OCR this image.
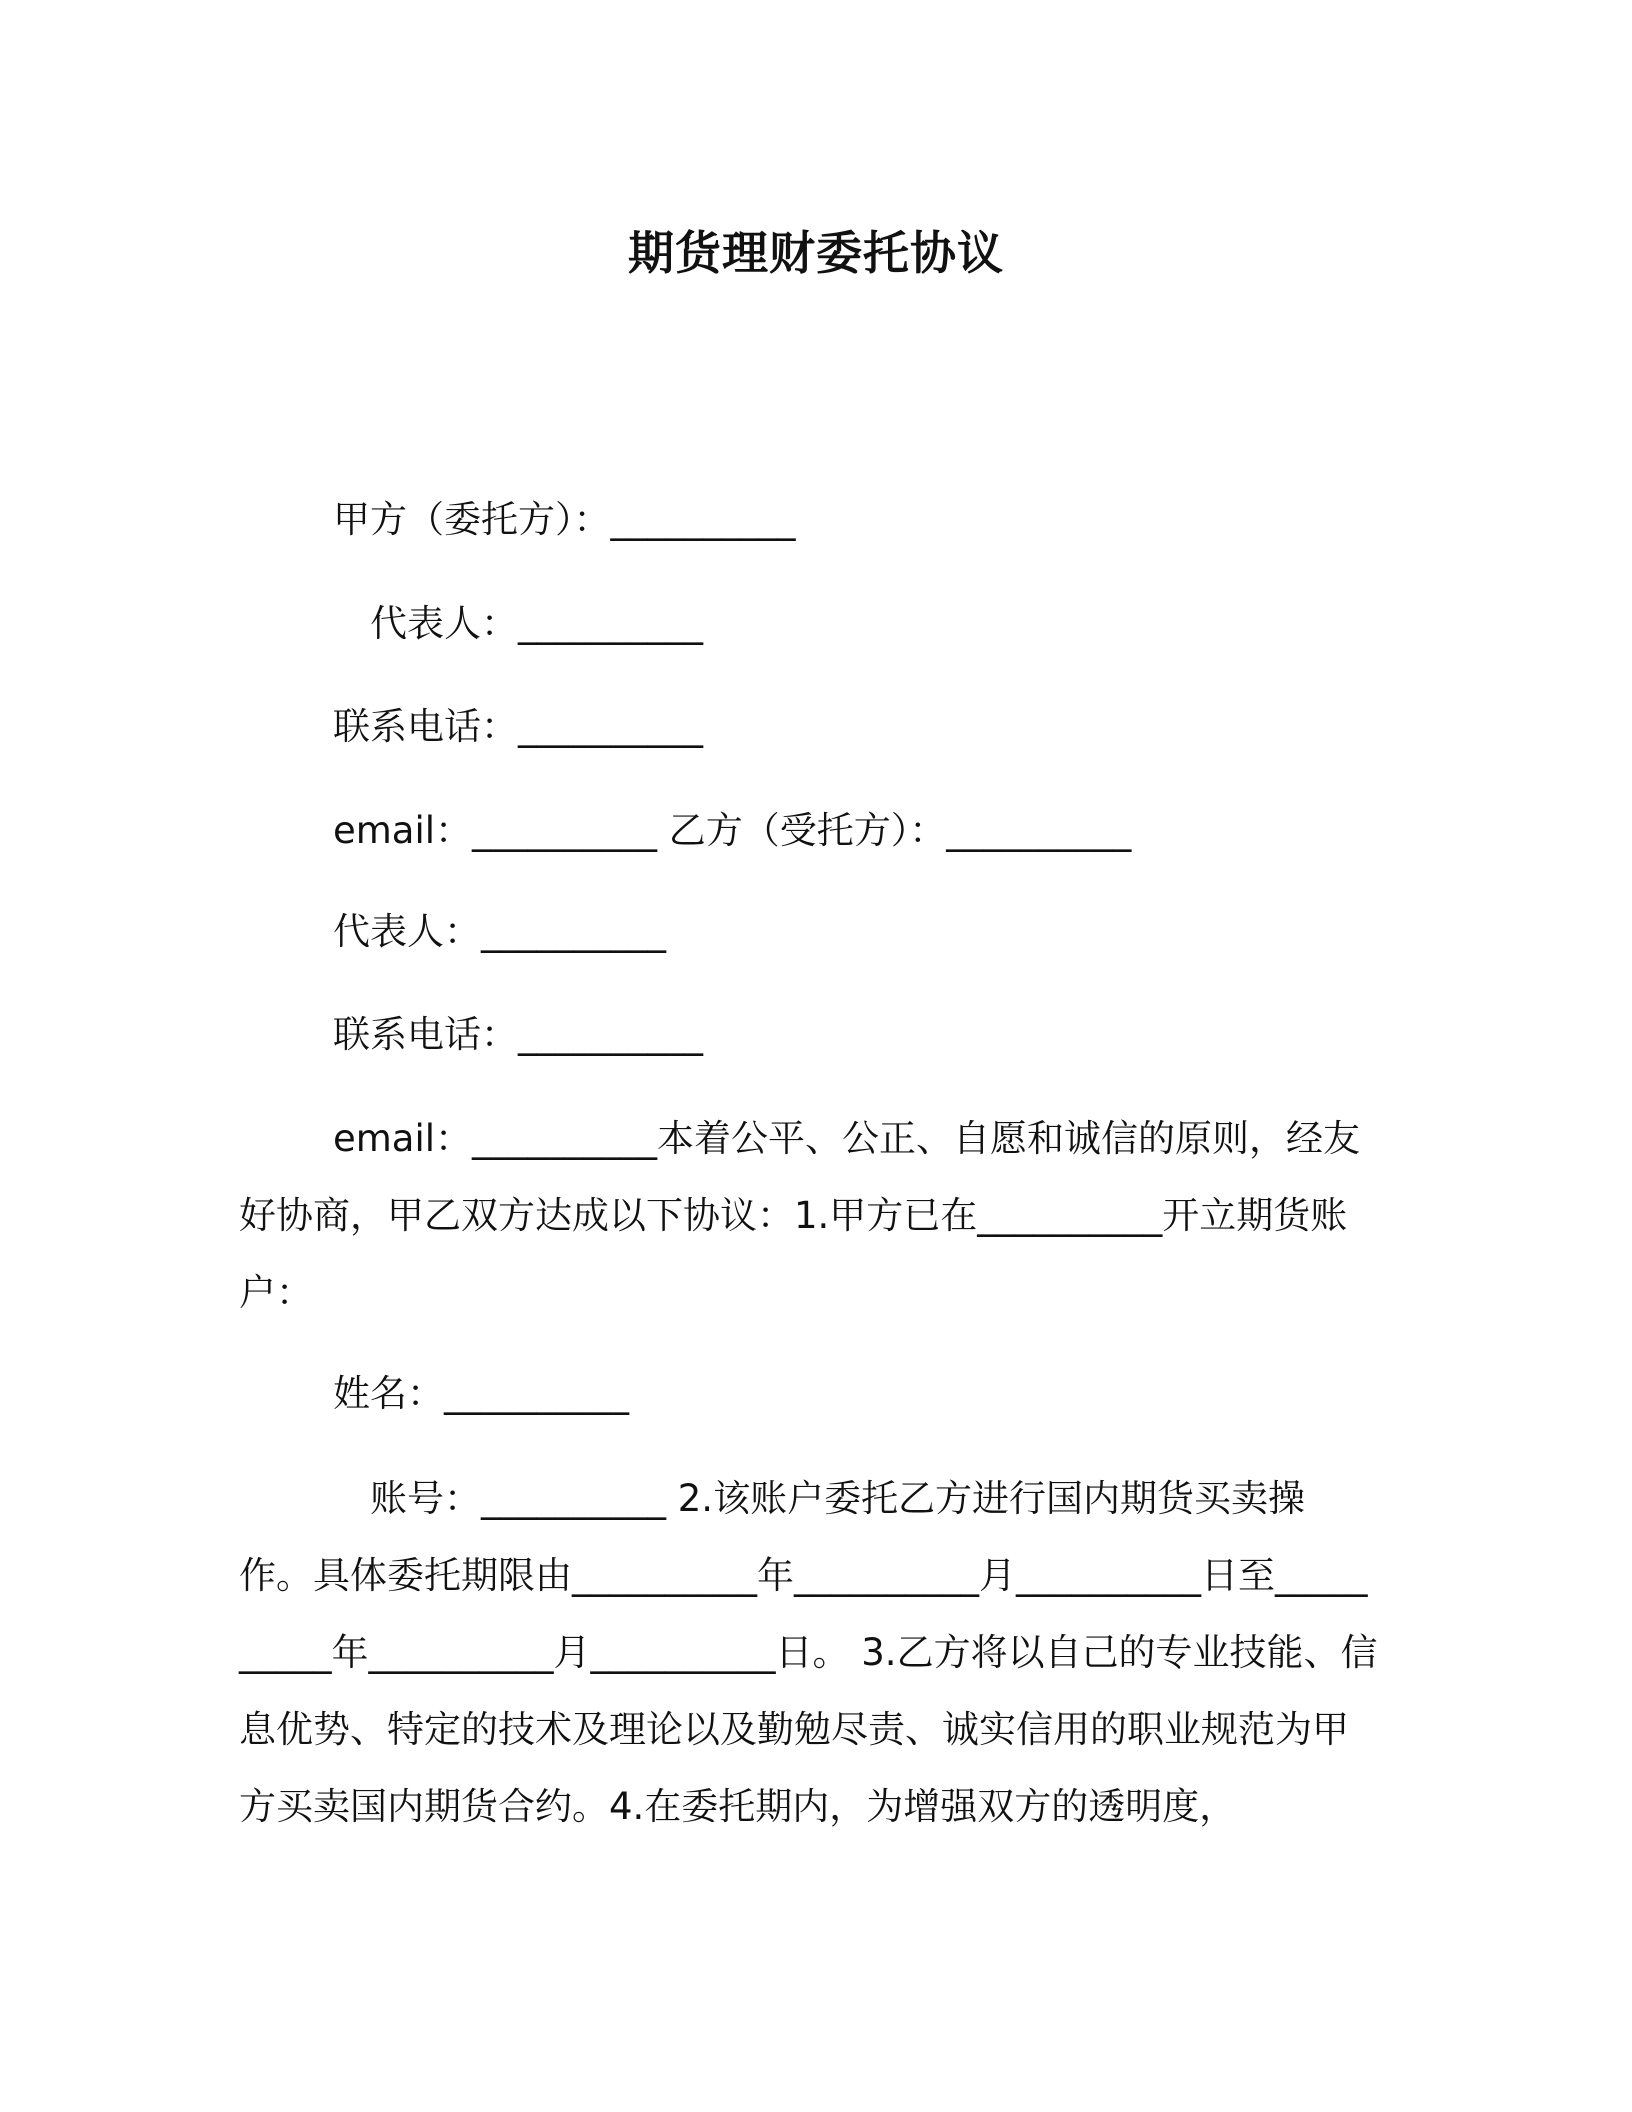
期货理财委托协议
甲方（委托方）：__________
代表人：__________
联系电话：__________
email：__________ 乙方（受托方）：__________
代表人：__________
联系电话：__________
email：__________本着公平、公正、自愿和诚信的原则，经友好协商，甲乙双方达成以下协议：1.甲方已在__________开立期货账户：
姓名：__________
账号：__________ 2.该账户委托乙方进行国内期货买卖操作。具体委托期限由__________年__________月__________日至__________年__________月__________日。 3.乙方将以自己的专业技能、信息优势、特定的技术及理论以及勤勉尽责、诚实信用的职业规范为甲方买卖国内期货合约。4.在委托期内，为增强双方的透明度，
